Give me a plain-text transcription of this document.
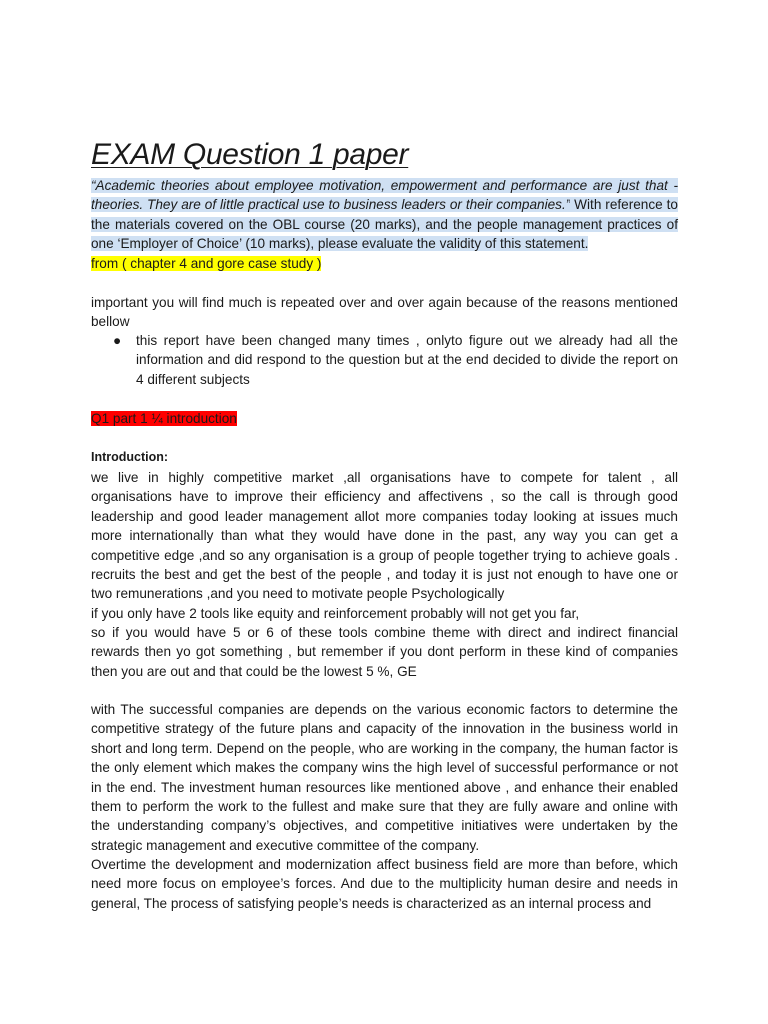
EXAM Question 1 paper
“Academic theories about employee motivation, empowerment and performance are just that -theories. They are of little practical use to business leaders or their companies.” With reference to the materials covered on the OBL course (20 marks), and the people management practices of one ‘Employer of Choice’ (10 marks), please evaluate the validity of this statement.
from ( chapter 4 and gore case study )
important you will find much is repeated over and over again because of the reasons mentioned bellow
● this report have been changed many times , onlyto figure out we already had all the information and did respond to the question but at the end decided to divide the report on 4 different subjects
Q1 part 1 ¼ introduction
Introduction:
we live in highly competitive market ,all organisations have to compete for talent , all organisations have to improve their efficiency and affectivens , so the call is through good leadership and good leader management allot more companies today looking at issues much more internationally than what they would have done in the past, any way you can get a competitive edge ,and so any organisation is a group of people together trying to achieve goals . recruits the best and get the best of the people , and today it is just not enough to have one or two remunerations ,and you need to motivate people Psychologically
if you only have 2 tools like equity and reinforcement probably will not get you far,
so if you would have 5 or 6 of these tools combine theme with direct and indirect financial rewards then yo got something , but remember if you dont perform in these kind of companies then you are out and that could be the lowest 5 %, GE
with The successful companies are depends on the various economic factors to determine the competitive strategy of the future plans and capacity of the innovation in the business world in short and long term. Depend on the people, who are working in the company, the human factor is the only element which makes the company wins the high level of successful performance or not in the end. The investment human resources like mentioned above , and enhance their enabled them to perform the work to the fullest and make sure that they are fully aware and online with the understanding company’s objectives, and competitive initiatives were undertaken by the strategic management and executive committee of the company.
Overtime the development and modernization affect business field are more than before, which need more focus on employee’s forces. And due to the multiplicity human desire and needs in general, The process of satisfying people’s needs is characterized as an internal process and
